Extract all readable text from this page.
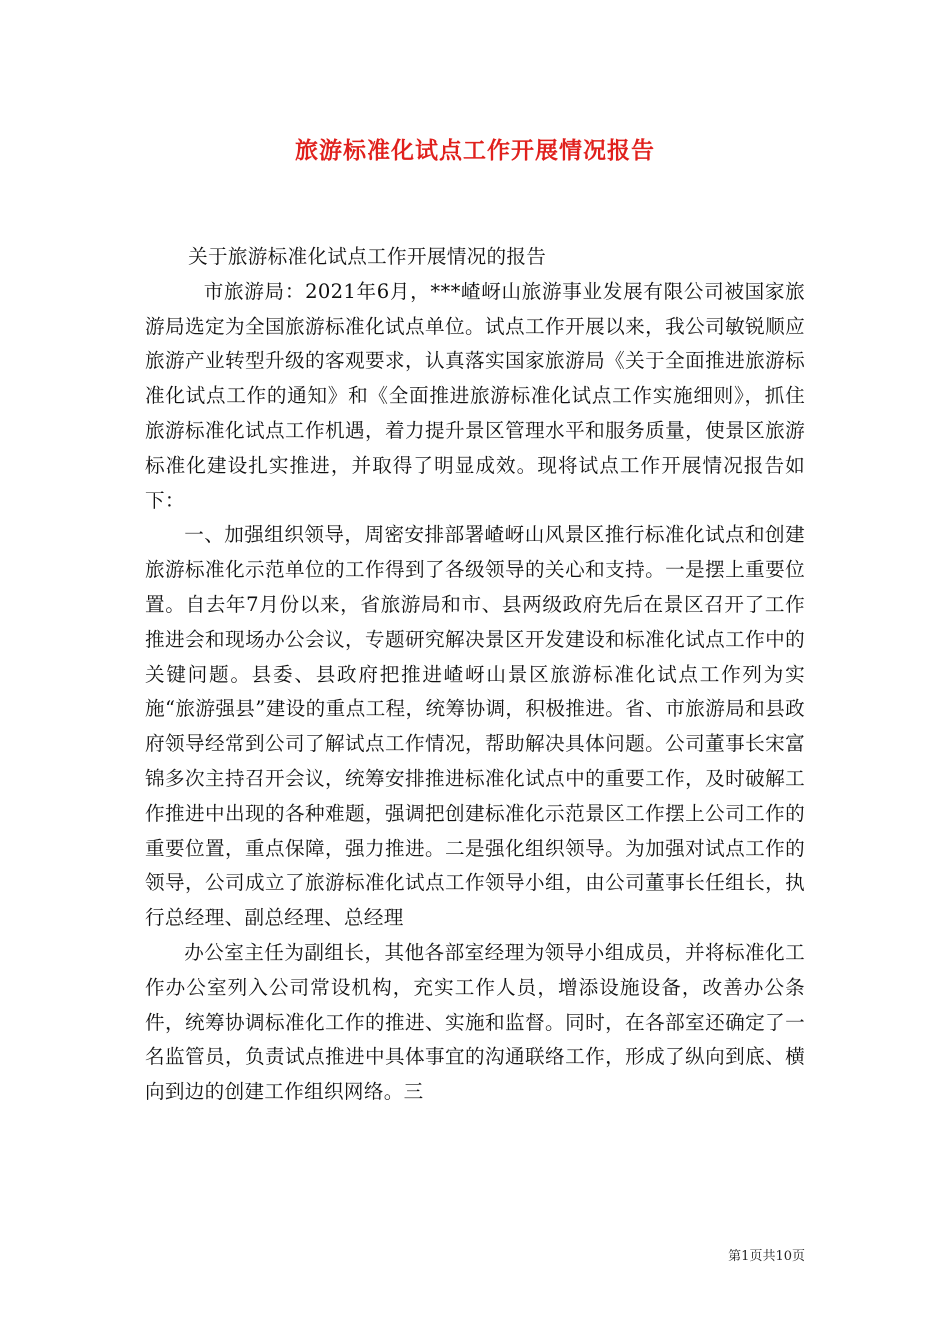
旅游标准化试点工作开展情况报告

关于旅游标准化试点工作开展情况的报告

市旅游局：2021年6月，***嵖岈山旅游事业发展有限公司被国家旅游局选定为全国旅游标准化试点单位。试点工作开展以来，我公司敏锐顺应旅游产业转型升级的客观要求，认真落实国家旅游局《关于全面推进旅游标准化试点工作的通知》和《全面推进旅游标准化试点工作实施细则》，抓住旅游标准化试点工作机遇，着力提升景区管理水平和服务质量，使景区旅游标准化建设扎实推进，并取得了明显成效。现将试点工作开展情况报告如下：

一、加强组织领导，周密安排部署嵖岈山风景区推行标准化试点和创建旅游标准化示范单位的工作得到了各级领导的关心和支持。一是摆上重要位置。自去年7月份以来，省旅游局和市、县两级政府先后在景区召开了工作推进会和现场办公会议，专题研究解决景区开发建设和标准化试点工作中的关键问题。县委、县政府把推进嵖岈山景区旅游标准化试点工作列为实施“旅游强县”建设的重点工程，统筹协调，积极推进。省、市旅游局和县政府领导经常到公司了解试点工作情况，帮助解决具体问题。公司董事长宋富锦多次主持召开会议，统筹安排推进标准化试点中的重要工作，及时破解工作推进中出现的各种难题，强调把创建标准化示范景区工作摆上公司工作的重要位置，重点保障，强力推进。二是强化组织领导。为加强对试点工作的领导，公司成立了旅游标准化试点工作领导小组，由公司董事长任组长，执行总经理、副总经理、总经理

办公室主任为副组长，其他各部室经理为领导小组成员，并将标准化工作办公室列入公司常设机构，充实工作人员，增添设施设备，改善办公条件，统筹协调标准化工作的推进、实施和监督。同时，在各部室还确定了一名监管员，负责试点推进中具体事宜的沟通联络工作，形成了纵向到底、横向到边的创建工作组织网络。三

第1页共10页
